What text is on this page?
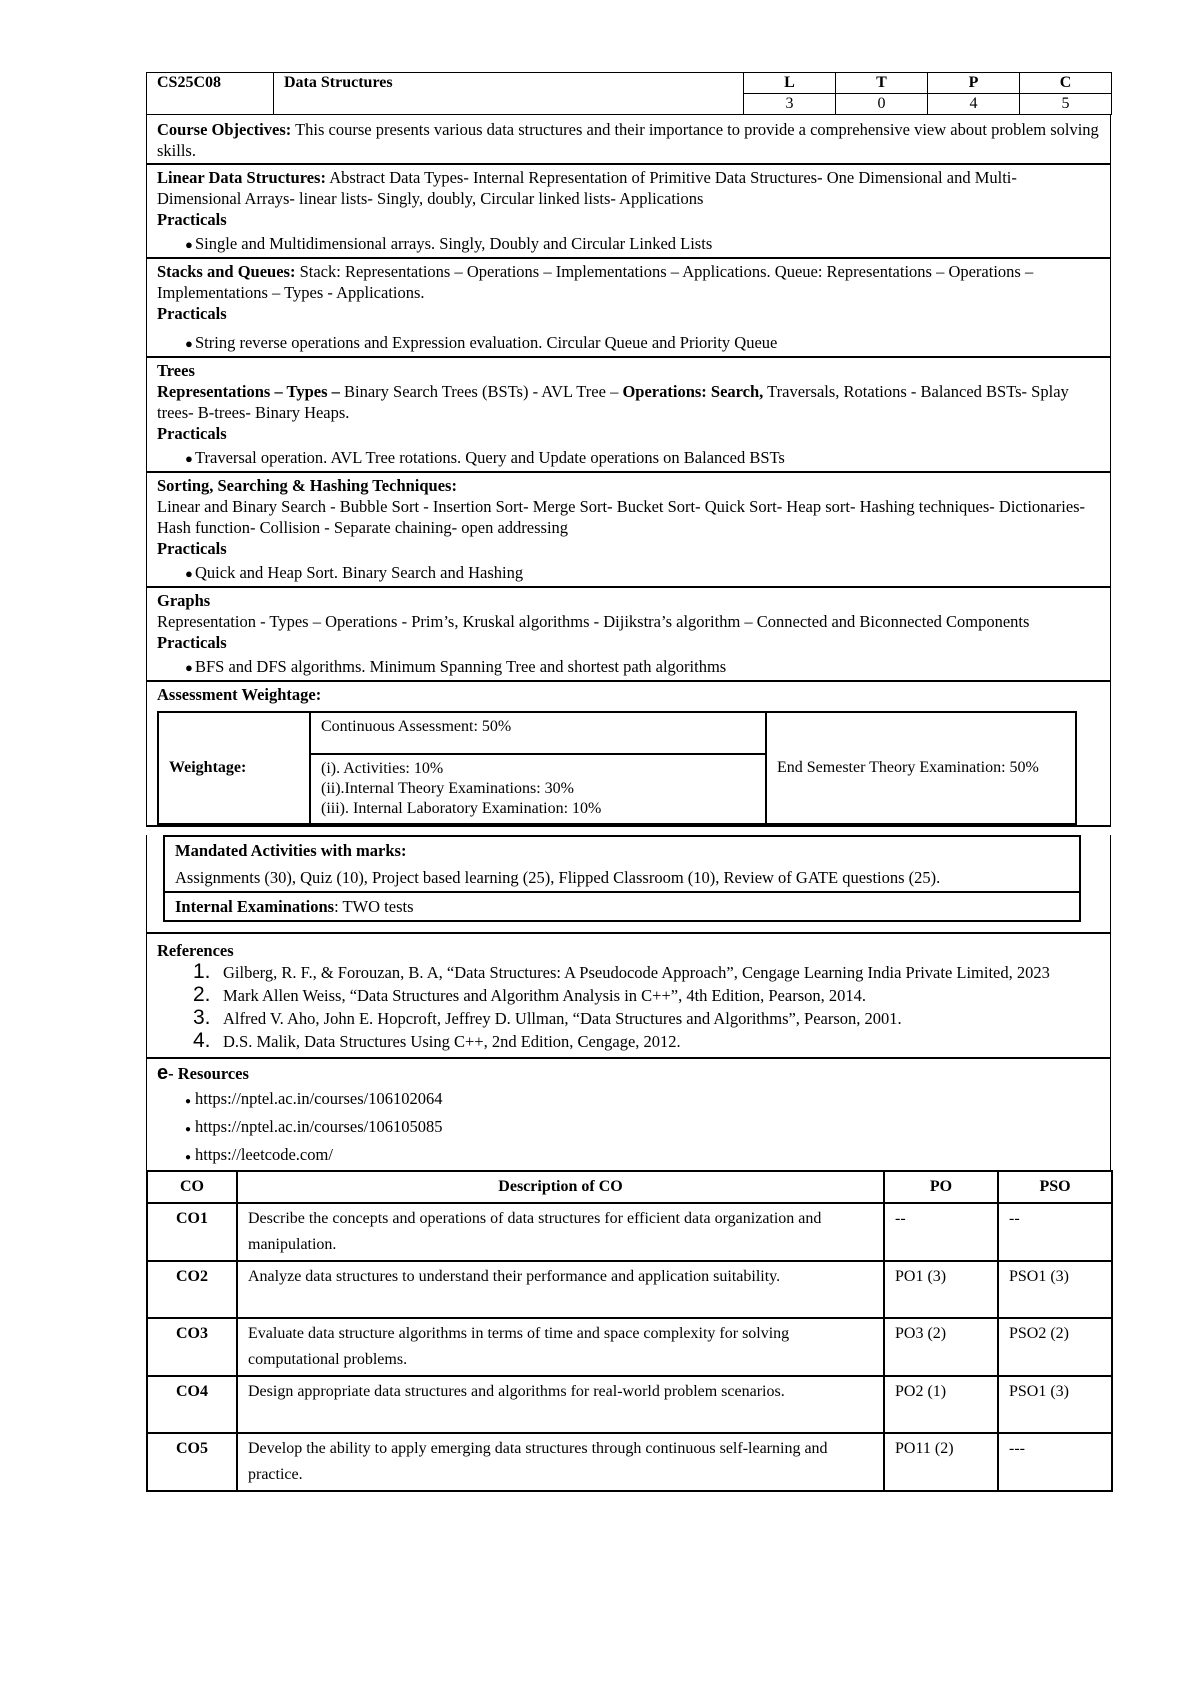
CS25C08	Data Structures	L	T	P	C
		3	0	4	5

Course Objectives: This course presents various data structures and their importance to provide a comprehensive view about problem solving skills.

Linear Data Structures: Abstract Data Types- Internal Representation of Primitive Data Structures- One Dimensional and Multi-Dimensional Arrays- linear lists- Singly, doubly, Circular linked lists- Applications

Practicals

● Single and Multidimensional arrays. Singly, Doubly and Circular Linked Lists

Stacks and Queues: Stack: Representations – Operations – Implementations – Applications. Queue: Representations – Operations – Implementations – Types - Applications.

Practicals

● String reverse operations and Expression evaluation. Circular Queue and Priority Queue

Trees

Representations – Types – Binary Search Trees (BSTs) - AVL Tree – Operations: Search, Traversals, Rotations - Balanced BSTs- Splay trees- B-trees- Binary Heaps.

Practicals

● Traversal operation. AVL Tree rotations. Query and Update operations on Balanced BSTs

Sorting, Searching & Hashing Techniques:

Linear and Binary Search - Bubble Sort - Insertion Sort- Merge Sort- Bucket Sort- Quick Sort- Heap sort- Hashing techniques- Dictionaries- Hash function- Collision - Separate chaining- open addressing

Practicals

● Quick and Heap Sort. Binary Search and Hashing

Graphs

Representation - Types – Operations - Prim’s, Kruskal algorithms - Dijikstra’s algorithm – Connected and Biconnected Components

Practicals

● BFS and DFS algorithms. Minimum Spanning Tree and shortest path algorithms

Assessment Weightage:

Weightage:	Continuous Assessment: 50%	End Semester Theory Examination: 50%

(i). Activities: 10%
(ii).Internal Theory Examinations: 30%
(iii). Internal Laboratory Examination: 10%
Mandated Activities with marks:
Assignments (30), Quiz (10), Project based learning (25), Flipped Classroom (10), Review of GATE questions (25).
Internal Examinations: TWO tests

References

1. Gilberg, R. F., & Forouzan, B. A, “Data Structures: A Pseudocode Approach”, Cengage Learning India Private Limited, 2023
2. Mark Allen Weiss, “Data Structures and Algorithm Analysis in C++”, 4th Edition, Pearson, 2014.
3. Alfred V. Aho, John E. Hopcroft, Jeffrey D. Ullman, “Data Structures and Algorithms”, Pearson, 2001.
4. D.S. Malik, Data Structures Using C++, 2nd Edition, Cengage, 2012.

e- Resources

● https://nptel.ac.in/courses/106102064
● https://nptel.ac.in/courses/106105085
● https://leetcode.com/
CO	Description of CO	PO	PSO
CO1	Describe the concepts and operations of data structures for efficient data organization and manipulation.	--	--
CO2	Analyze data structures to understand their performance and application suitability.	PO1 (3)	PSO1 (3)
CO3	Evaluate data structure algorithms in terms of time and space complexity for solving computational problems.	PO3 (2)	PSO2 (2)
CO4	Design appropriate data structures and algorithms for real-world problem scenarios.	PO2 (1)	PSO1 (3)
CO5	Develop the ability to apply emerging data structures through continuous self-learning and practice.	PO11 (2)	---
